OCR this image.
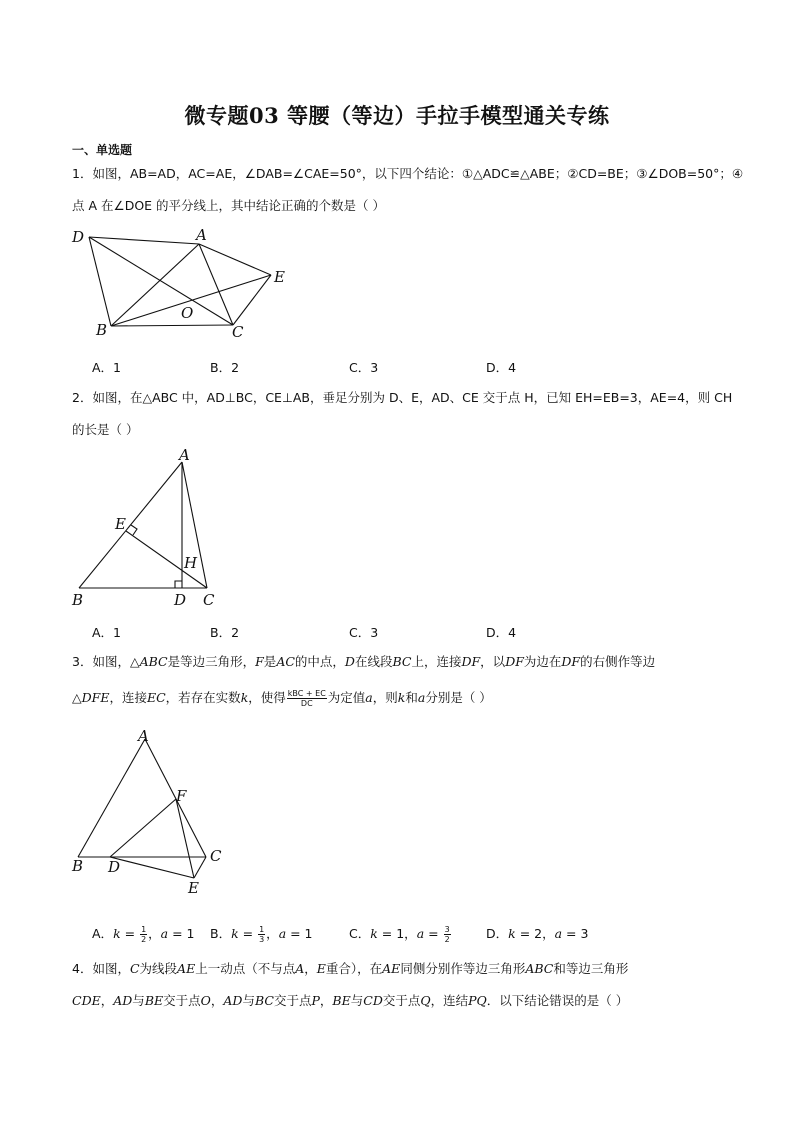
微专题03 等腰（等边）手拉手模型通关专练
一、单选题
1．如图，AB=AD，AC=AE，∠DAB=∠CAE=50°，以下四个结论：①△ADC≌△ABE；②CD=BE；③∠DOB=50°；④
点 A 在∠DOE 的平分线上，其中结论正确的个数是（ ）
D	A
E
B
O
C
A．1	B．2	C．3	D．4
2．如图，在△ABC 中，AD⊥BC，CE⊥AB，垂足分别为 D、E，AD、CE 交于点 H，已知 EH=EB=3，AE=4，则 CH
的长是（ ）
A
E
H
B	D C
A．1	B．2	C．3	D．4
3．如图，△ABC是等边三角形，F是AC的中点，D在线段BC上，连接DF，以DF为边在DF的右侧作等边
△DFE，连接EC，若存在实数k，使得 $\frac{\text{kBC + EC}}{DC}$ 为定值a，则k和a分别是（ ）
A
F
B D
C
E
A．$k = \frac{1}{2}$ ，a = 1 B．$k = \frac{1}{3}$ ，a = 1	C．k = 1，$a = \frac{3}{2}$	D．k = 2，a = 3
4．如图，C为线段AE上一动点（不与点A，E重合），在AE同侧分别作等边三角形ABC和等边三角形
CDE，AD与BE交于点O，AD与BC交于点P，BE与CD交于点Q，连结PQ．以下结论错误的是（ ）
